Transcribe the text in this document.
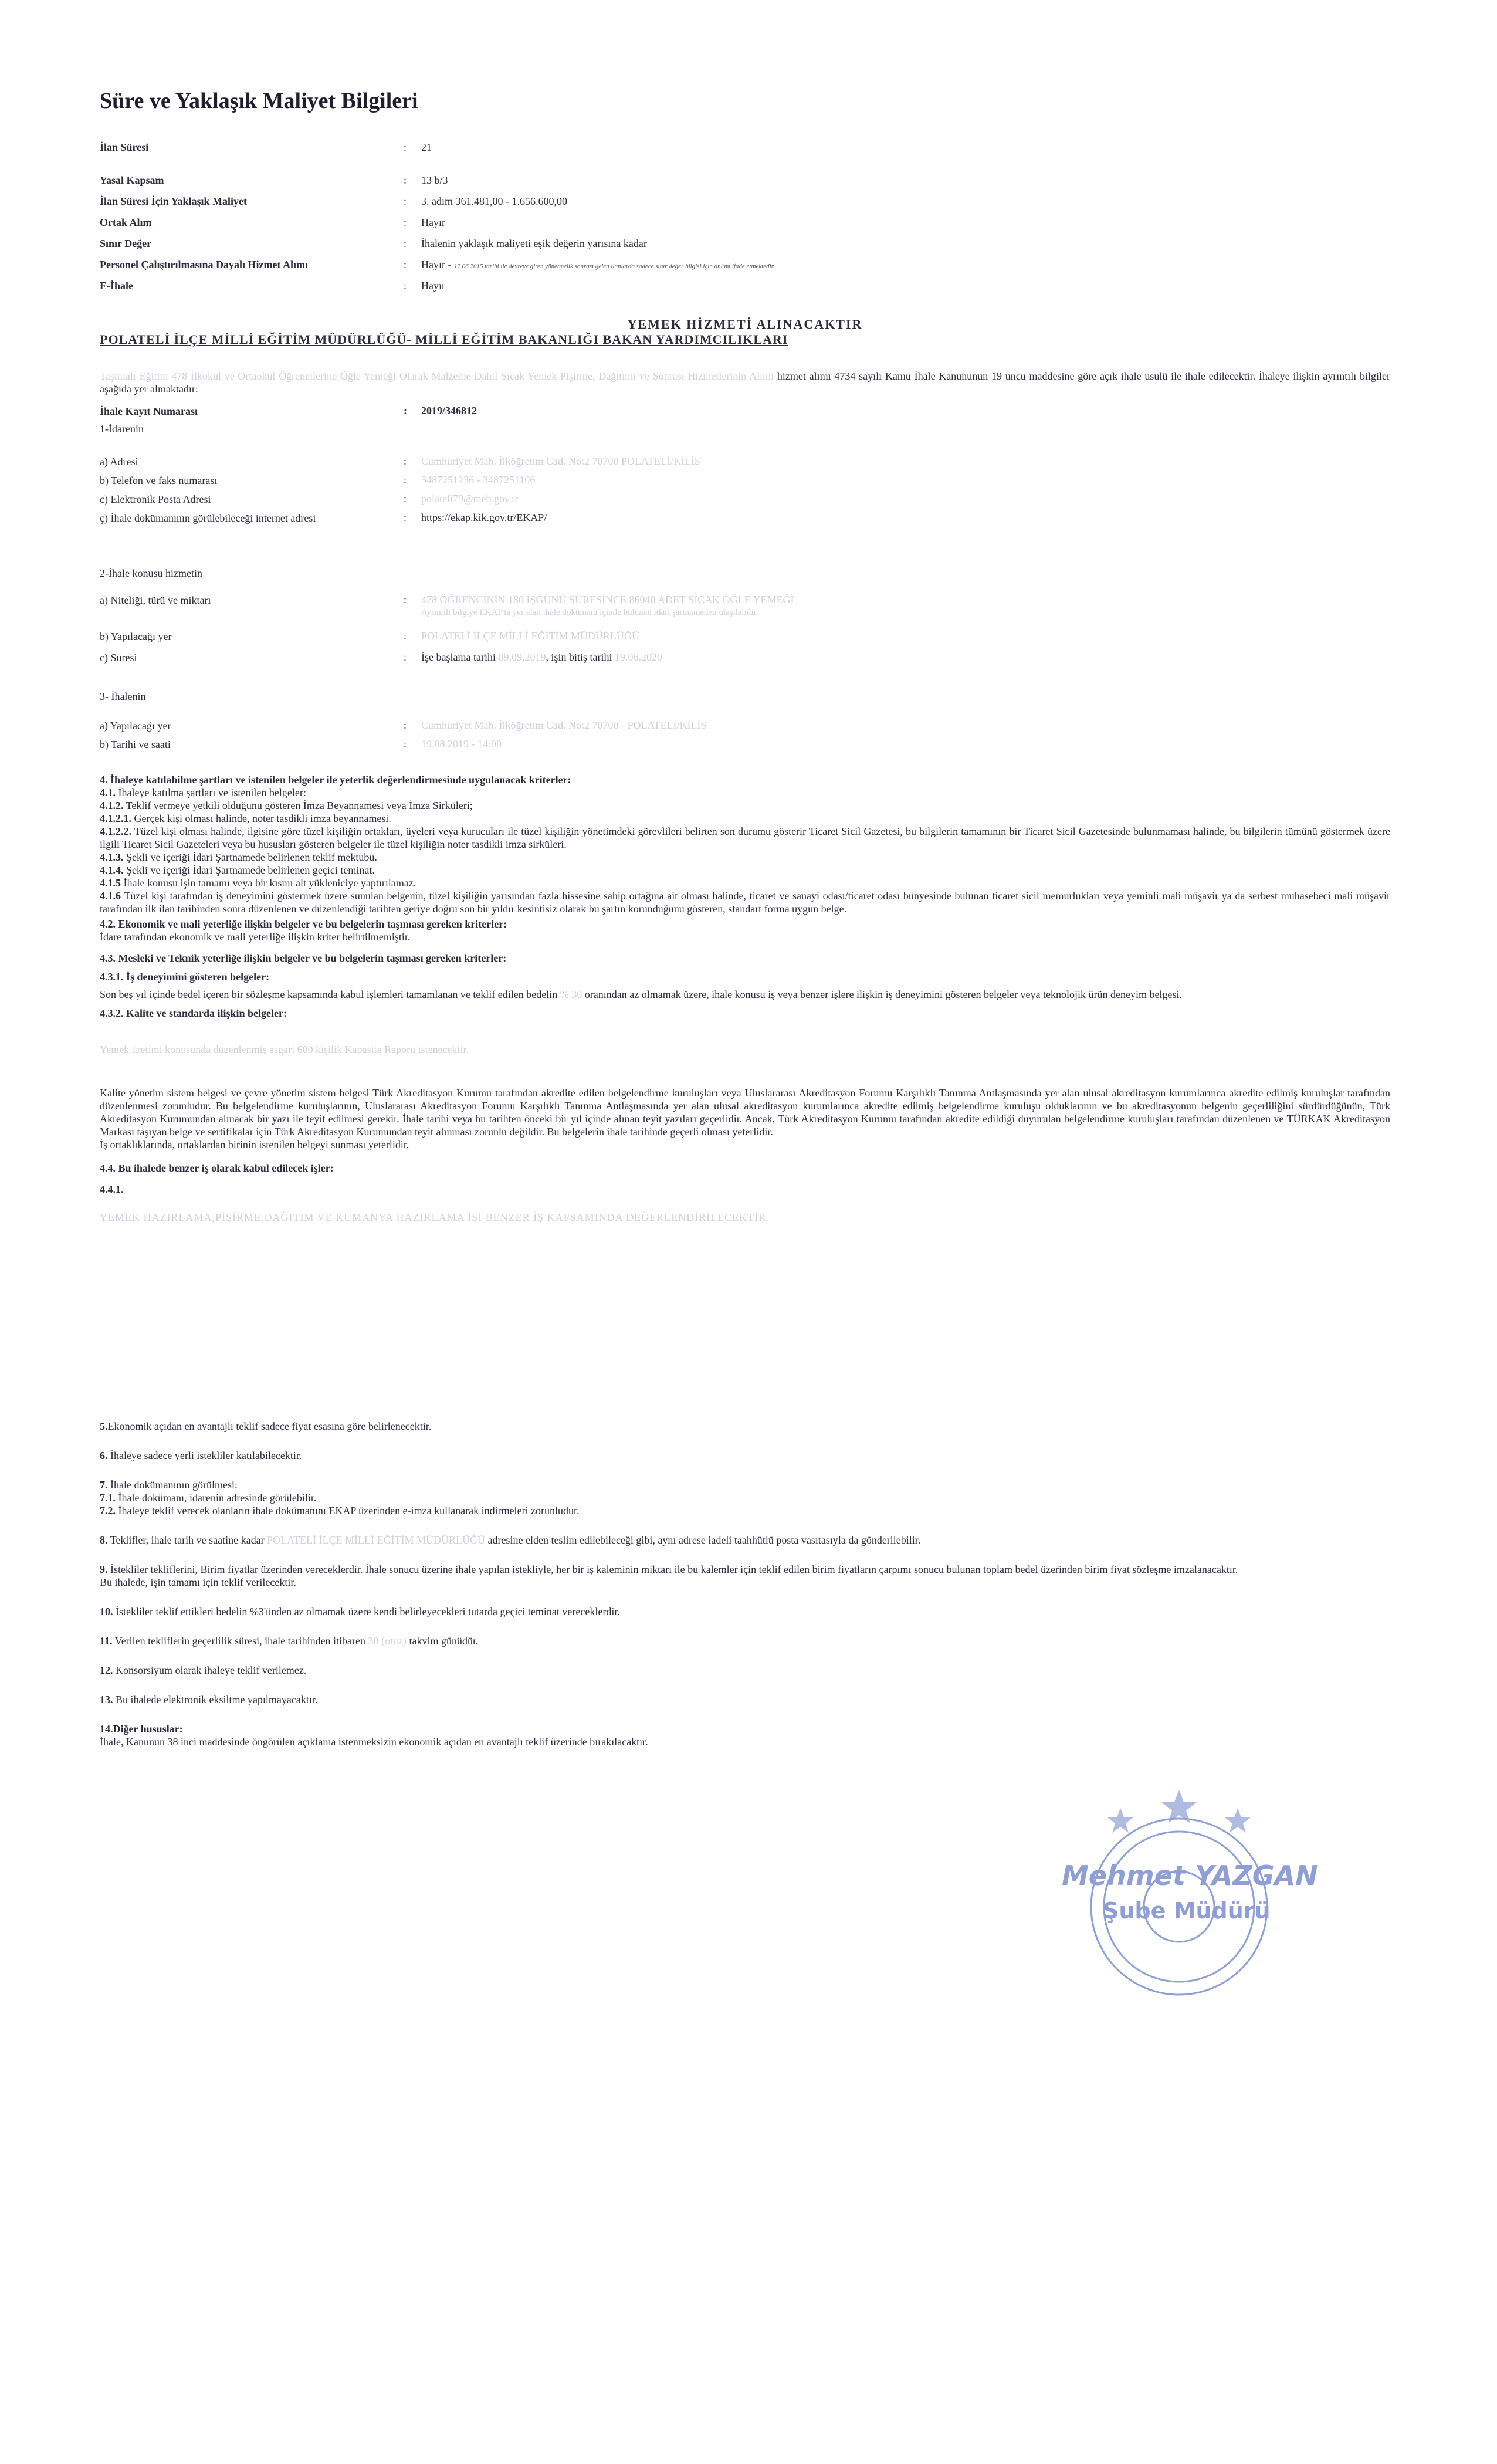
Süre ve Yaklaşık Maliyet Bilgileri
İlan Süresi	: 21
Yasal Kapsam	: 13 b/3
İlan Süresi İçin Yaklaşık Maliyet	: 3. adım 361.481,00 - 1.656.600,00
Ortak Alım	: Hayır
Sınır Değer	: İhalenin yaklaşık maliyeti eşik değerin yarısına kadar
Personel Çalıştırılmasına Dayalı Hizmet Alımı	: Hayır - 12.06.2015 tarihi ile devreye giren yönetmelik sonrası gelen ilanlarda sadece sınır değer bilgisi için anlam ifade etmektedir.
E-İhale	: Hayır
YEMEK HİZMETİ ALINACAKTIR
POLATELİ İLÇE MİLLİ EĞİTİM MÜDÜRLÜĞÜ- MİLLİ EĞİTİM BAKANLIĞI BAKAN YARDIMCILIKLARI
Taşımalı Eğitim 478 İlkokul ve Ortaokul Öğrencilerine Öğle Yemeği Olarak Malzeme Dahil Sıcak Yemek Pişirme, Dağıtımı ve Sonrası Hizmetlerinin Alımı hizmet alımı 4734 sayılı Kamu İhale Kanununun 19 uncu maddesine göre açık ihale usulü ile ihale edilecektir. İhaleye ilişkin ayrıntılı bilgiler aşağıda yer almaktadır:
İhale Kayıt Numarası	: 2019/346812
1-İdarenin
a) Adresi	: Cumhuriyet Mah. İlköğretim Cad. No:2 70700 POLATELİ/KİLİS
b) Telefon ve faks numarası	: 3487251236 - 3487251106
c) Elektronik Posta Adresi	: polateli79@meb.gov.tr
ç) İhale dokümanının görülebileceği internet adresi	: https://ekap.kik.gov.tr/EKAP/
2-İhale konusu hizmetin
a) Niteliği, türü ve miktarı	: 478 ÖĞRENCİNİN 180 İŞGÜNÜ SÜRESİNCE 86040 ADET SICAK ÖĞLE YEMEĞİ
Ayrıntılı bilgiye EKAP'ta yer alan ihale dokümanı içinde bulunan idari şartnameden ulaşılabilir.
b) Yapılacağı yer	: POLATELİ İLÇE MİLLİ EĞİTİM MÜDÜRLÜĞÜ
c) Süresi	: İşe başlama tarihi 09.09.2019, işin bitiş tarihi 19.06.2020
3- İhalenin
a) Yapılacağı yer	: Cumhuriyet Mah. İlköğretim Cad. No:2 70700 - POLATELİ/KİLİS
b) Tarihi ve saati	: 19.08.2019 - 14:00

4. İhaleye katılabilme şartları ve istenilen belgeler ile yeterlik değerlendirmesinde uygulanacak kriterler:

4.1. İhaleye katılma şartları ve istenilen belgeler:

4.1.2. Teklif vermeye yetkili olduğunu gösteren İmza Beyannamesi veya İmza Sirküleri;

4.1.2.1. Gerçek kişi olması halinde, noter tasdikli imza beyannamesi.

4.1.2.2. Tüzel kişi olması halinde, ilgisine göre tüzel kişiliğin ortakları, üyeleri veya kurucuları ile tüzel kişiliğin yönetimdeki görevlileri belirten son durumu gösterir Ticaret Sicil Gazetesi, bu bilgilerin tamamının bir Ticaret Sicil Gazetesinde bulunmaması halinde, bu bilgilerin tümünü göstermek üzere ilgili Ticaret Sicil Gazeteleri veya bu hususları gösteren belgeler ile tüzel kişiliğin noter tasdikli imza sirküleri.

4.1.3. Şekli ve içeriği İdari Şartnamede belirlenen teklif mektubu.

4.1.4. Şekli ve içeriği İdari Şartnamede belirlenen geçici teminat.

4.1.5 İhale konusu işin tamamı veya bir kısmı alt yükleniciye yaptırılamaz.

4.1.6 Tüzel kişi tarafından iş deneyimini göstermek üzere sunulan belgenin, tüzel kişiliğin yarısından fazla hissesine sahip ortağına ait olması halinde, ticaret ve sanayi odası/ticaret odası bünyesinde bulunan ticaret sicil memurlukları veya yeminli mali müşavir ya da serbest muhasebeci mali müşavir tarafından ilk ilan tarihinden sonra düzenlenen ve düzenlendiği tarihten geriye doğru son bir yıldır kesintisiz olarak bu şartın korunduğunu gösteren, standart forma uygun belge.

4.2. Ekonomik ve mali yeterliğe ilişkin belgeler ve bu belgelerin taşıması gereken kriterler:

İdare tarafından ekonomik ve mali yeterliğe ilişkin kriter belirtilmemiştir.

4.3. Mesleki ve Teknik yeterliğe ilişkin belgeler ve bu belgelerin taşıması gereken kriterler:

4.3.1. İş deneyimini gösteren belgeler:

Son beş yıl içinde bedel içeren bir sözleşme kapsamında kabul işlemleri tamamlanan ve teklif edilen bedelin % 30 oranından az olmamak üzere, ihale konusu iş veya benzer işlere ilişkin iş deneyimini gösteren belgeler veya teknolojik ürün deneyim belgesi.

4.3.2. Kalite ve standarda ilişkin belgeler:

Yemek üretimi konusunda düzenlenmiş asgari 600 kişilik Kapasite Raporu istenecektir.

Kalite yönetim sistem belgesi ve çevre yönetim sistem belgesi Türk Akreditasyon Kurumu tarafından akredite edilen belgelendirme kuruluşları veya Uluslararası Akreditasyon Forumu Karşılıklı Tanınma Antlaşmasında yer alan ulusal akreditasyon kurumlarınca akredite edilmiş kuruluşlar tarafından düzenlenmesi zorunludur. Bu belgelendirme kuruluşlarının, Uluslararası Akreditasyon Forumu Karşılıklı Tanınma Antlaşmasında yer alan ulusal akreditasyon kurumlarınca akredite edilmiş belgelendirme kuruluşu olduklarının ve bu akreditasyonun belgenin geçerliliğini sürdürdüğünün, Türk Akreditasyon Kurumundan alınacak bir yazı ile teyit edilmesi gerekir. İhale tarihi veya bu tarihten önceki bir yıl içinde alınan teyit yazıları geçerlidir. Ancak, Türk Akreditasyon Kurumu tarafından akredite edildiği duyurulan belgelendirme kuruluşları tarafından düzenlenen ve TÜRKAK Akreditasyon Markası taşıyan belge ve sertifikalar için Türk Akreditasyon Kurumundan teyit alınması zorunlu değildir. Bu belgelerin ihale tarihinde geçerli olması yeterlidir.

İş ortaklıklarında, ortaklardan birinin istenilen belgeyi sunması yeterlidir.

4.4. Bu ihalede benzer iş olarak kabul edilecek işler:

4.4.1.

YEMEK HAZIRLAMA,PİŞİRME,DAĞITIM VE KUMANYA HAZIRLAMA İŞİ BENZER İŞ KAPSAMINDA DEĞERLENDİRİLECEKTİR.

5.Ekonomik açıdan en avantajlı teklif sadece fiyat esasına göre belirlenecektir.

6. İhaleye sadece yerli istekliler katılabilecektir.

7. İhale dokümanının görülmesi:

7.1. İhale dokümanı, idarenin adresinde görülebilir.

7.2. İhaleye teklif verecek olanların ihale dokümanını EKAP üzerinden e-imza kullanarak indirmeleri zorunludur.

8. Teklifler, ihale tarih ve saatine kadar POLATELİ İLÇE MİLLİ EĞİTİM MÜDÜRLÜĞÜ adresine elden teslim edilebileceği gibi, aynı adrese iadeli taahhütlü posta vasıtasıyla da gönderilebilir.

9. İstekliler tekliflerini, Birim fiyatlar üzerinden vereceklerdir. İhale sonucu üzerine ihale yapılan istekliyle, her bir iş kaleminin miktarı ile bu kalemler için teklif edilen birim fiyatların çarpımı sonucu bulunan toplam bedel üzerinden birim fiyat sözleşme imzalanacaktır.

Bu ihalede, işin tamamı için teklif verilecektir.

10. İstekliler teklif ettikleri bedelin %3'ünden az olmamak üzere kendi belirleyecekleri tutarda geçici teminat vereceklerdir.

11. Verilen tekliflerin geçerlilik süresi, ihale tarihinden itibaren 30 (otuz) takvim günüdür.

12. Konsorsiyum olarak ihaleye teklif verilemez.

13. Bu ihalede elektronik eksiltme yapılmayacaktır.

14.Diğer hususlar:

İhale, Kanunun 38 inci maddesinde öngörülen açıklama istenmeksizin ekonomik açıdan en avantajlı teklif üzerinde bırakılacaktır.

Mehmet YAZGAN
Şube Müdürü
